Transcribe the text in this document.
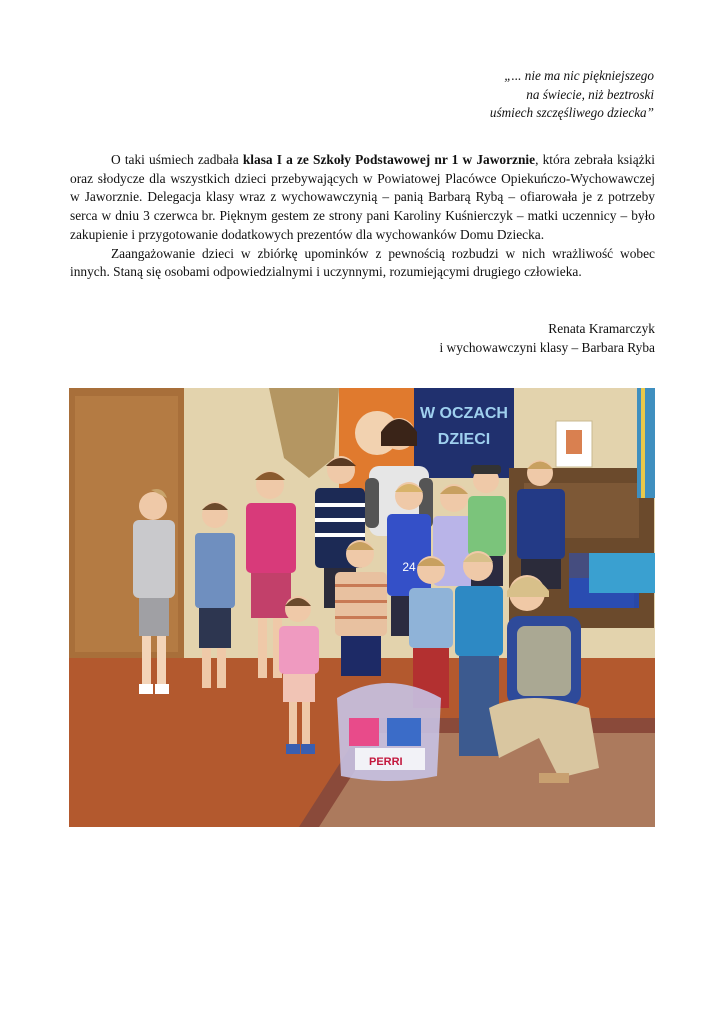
„... nie ma nic piękniejszego
na świecie, niż beztroski
uśmiech szczęśliwego dziecka”

O taki uśmiech zadbała klasa I a ze Szkoły Podstawowej nr 1 w Jaworznie, która zebrała książki oraz słodycze dla wszystkich dzieci przebywających w Powiatowej Placówce Opiekuńczo-Wychowawczej w Jaworznie. Delegacja klasy wraz z wychowawczynią – panią Barbarą Rybą – ofiarowała je z potrzeby serca w dniu 3 czerwca br. Pięknym gestem ze strony pani Karoliny Kuśnierczyk – matki uczennicy – było zakupienie i przygotowanie dodatkowych prezentów dla wychowanków Domu Dziecka.

Zaangażowanie dzieci w zbiórkę upominków z pewnością rozbudzi w nich wrażliwość wobec innych. Staną się osobami odpowiedzialnymi i uczynnymi, rozumiejącymi drugiego człowieka.

Renata Kramarczyk
i wychowawczyni klasy – Barbara Ryba
W OCZACH
DZIECI
24
PERRI
